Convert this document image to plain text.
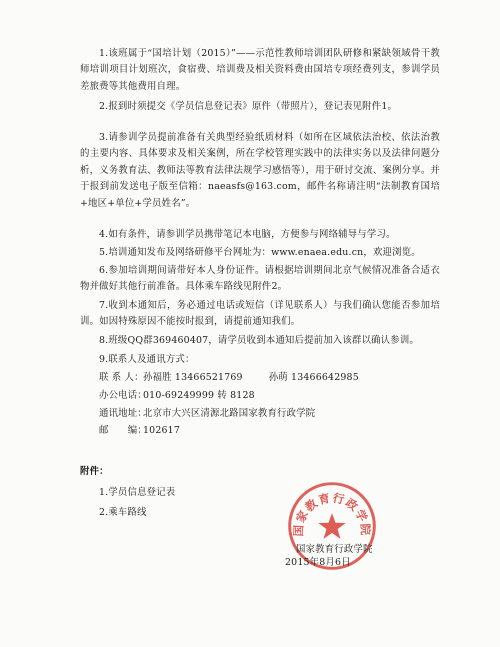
1.该班属于“国培计划（2015）”——示范性教师培训团队研修和紧缺领域骨干教师培训项目计划班次，食宿费、培训费及相关资料费由国培专项经费列支，参训学员差旅费等其他费用自理。
2.报到时须提交《学员信息登记表》原件（带照片），登记表见附件1。
3.请参训学员提前准备有关典型经验纸质材料（如所在区域依法治校、依法治教的主要内容、具体要求及相关案例，所在学校管理实践中的法律实务以及法律问题分析，义务教育法、教师法等教育法律法规学习感悟等），用于研讨交流、案例分享。并于报到前发送电子版至信箱：naeasfs@163.com，邮件名称请注明“法制教育国培+地区+单位+学员姓名”。
4.如有条件，请参训学员携带笔记本电脑，方便参与网络辅导与学习。
5.培训通知发布及网络研修平台网址为：www.enaea.edu.cn，欢迎浏览。
6.参加培训期间请带好本人身份证件。请根据培训期间北京气候情况准备合适衣物并做好其他行前准备。具体乘车路线见附件2。
7.收到本通知后，务必通过电话或短信（详见联系人）与我们确认您能否参加培训。如因特殊原因不能按时报到，请提前通知我们。
8.班级QQ群369460407，请学员收到本通知后提前加入该群以确认参训。
9.联系人及通讯方式：
联 系 人：孙福胜 13466521769	孙萌 13466642985
办公电话：010-69249999 转 8128
通讯地址：北京市大兴区清源北路国家教育行政学院
邮　　编：102617
附件：
1.学员信息登记表
2.乘车路线
国家教育行政学院
国家教育行政学院
2015年8月6日
